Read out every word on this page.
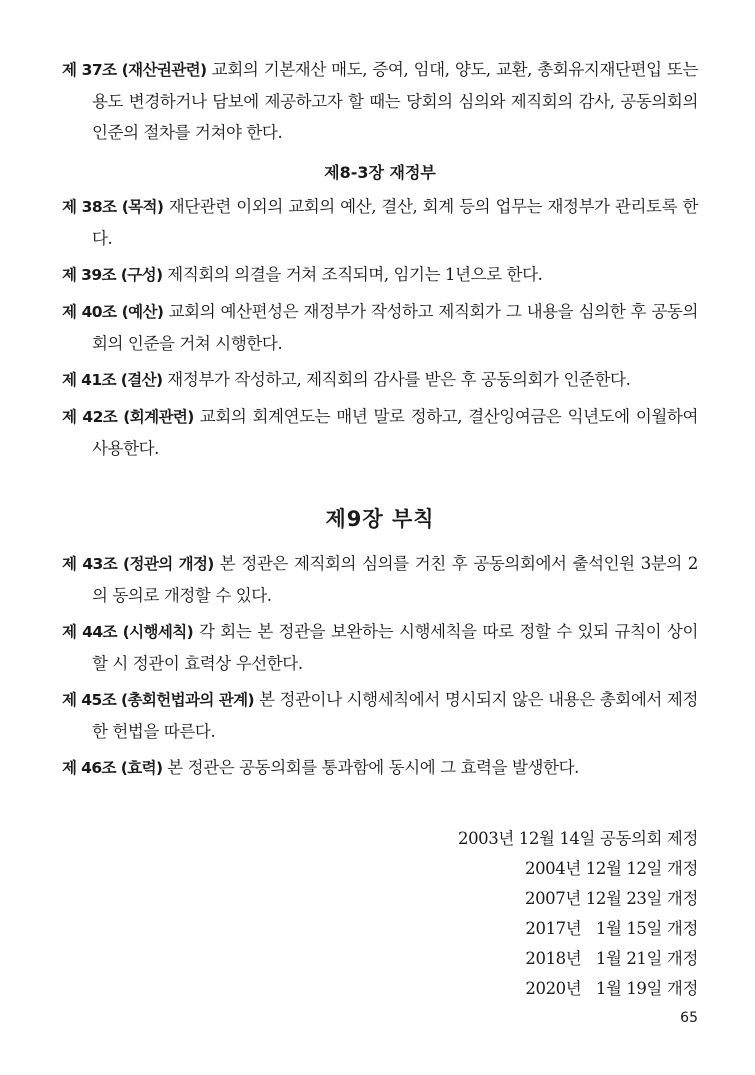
제 37조 (재산권관련) 교회의 기본재산 매도, 증여, 임대, 양도, 교환, 총회유지재단편입 또는 용도 변경하거나 담보에 제공하고자 할 때는 당회의 심의와 제직회의 감사, 공동의회의 인준의 절차를 거쳐야 한다.

제8-3장 재정부

제 38조 (목적) 재단관련 이외의 교회의 예산, 결산, 회계 등의 업무는 재정부가 관리토록 한다.

제 39조 (구성) 제직회의 의결을 거쳐 조직되며, 임기는 1년으로 한다.

제 40조 (예산) 교회의 예산편성은 재정부가 작성하고 제직회가 그 내용을 심의한 후 공동의회의 인준을 거쳐 시행한다.

제 41조 (결산) 재정부가 작성하고, 제직회의 감사를 받은 후 공동의회가 인준한다.

제 42조 (회계관련) 교회의 회계연도는 매년 말로 정하고, 결산잉여금은 익년도에 이월하여 사용한다.

제9장 부칙

제 43조 (정관의 개정) 본 정관은 제직회의 심의를 거친 후 공동의회에서 출석인원 3분의 2의 동의로 개정할 수 있다.

제 44조 (시행세칙) 각 회는 본 정관을 보완하는 시행세칙을 따로 정할 수 있되 규칙이 상이할 시 정관이 효력상 우선한다.

제 45조 (총회헌법과의 관계) 본 정관이나 시행세칙에서 명시되지 않은 내용은 총회에서 제정한 헌법을 따른다.

제 46조 (효력) 본 정관은 공동의회를 통과함에 동시에 그 효력을 발생한다.

2003년 12월 14일 공동의회 제정
2004년 12월 12일 개정
2007년 12월 23일 개정
2017년   1월 15일 개정
2018년   1월 21일 개정
2020년   1월 19일 개정
65
